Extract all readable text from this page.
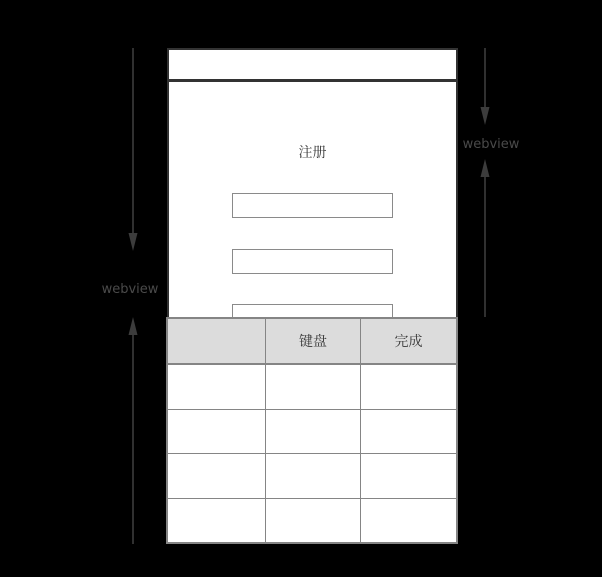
webview
webview
注册
键盘	完成
